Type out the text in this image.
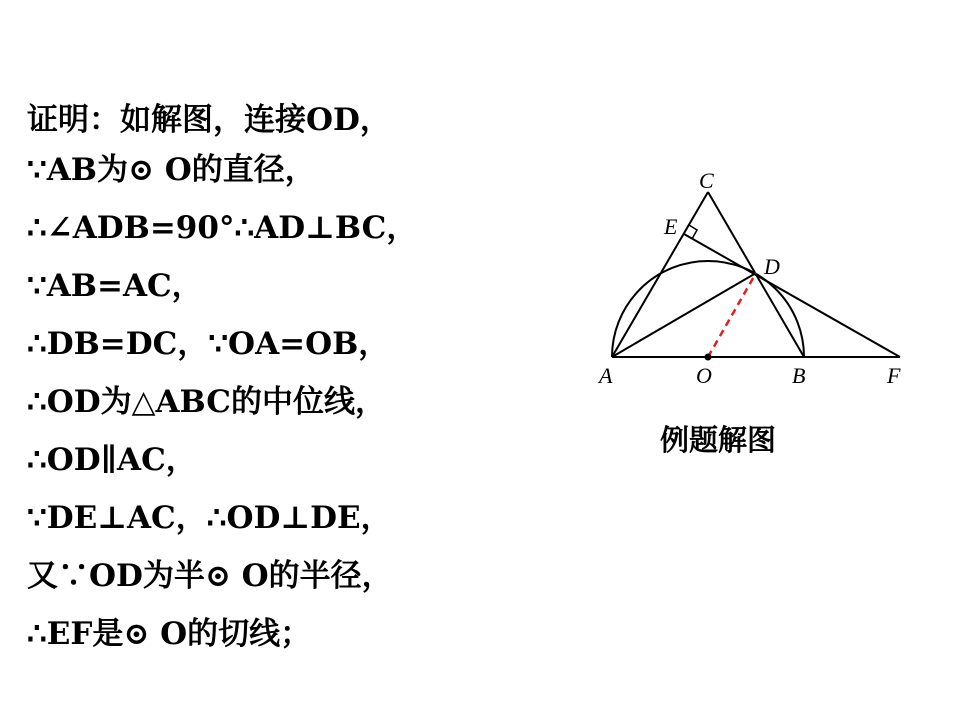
证明：如解图，连接OD，
∵AB为⊙ O的直径，
∴∠ADB=90°∴AD⊥BC，
∵AB=AC，
∴DB=DC，∵OA=OB，
∴OD为△ABC的中位线，
∴OD∥AC，
∵DE⊥AC，∴OD⊥DE，
又∵OD为半⊙ O的半径，
∴EF是⊙ O的切线；
C
E
D
A	O	B	F
例题解图
